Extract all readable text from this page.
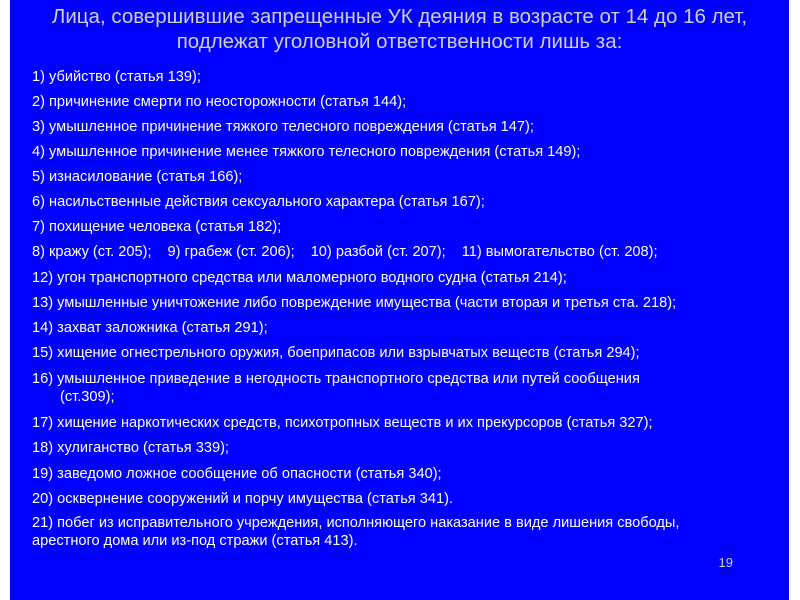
Лица, совершившие запрещенные УК деяния в возрасте от 14 до 16 лет,
подлежат уголовной ответственности лишь за:
1) убийство (статья 139);
2) причинение смерти по неосторожности (статья 144);
3) умышленное причинение тяжкого телесного повреждения (статья 147);
4) умышленное причинение менее тяжкого телесного повреждения (статья 149);
5) изнасилование (статья 166);
6) насильственные действия сексуального характера (статья 167);
7) похищение человека (статья 182);
8) кражу (ст. 205); 9) грабеж (ст. 206); 10) разбой (ст. 207); 11) вымогательство (ст. 208);
12) угон транспортного средства или маломерного водного судна (статья 214);
13) умышленные уничтожение либо повреждение имущества (части вторая и третья ста. 218);
14) захват заложника (статья 291);
15) хищение огнестрельного оружия, боеприпасов или взрывчатых веществ (статья 294);
16) умышленное приведение в негодность транспортного средства или путей сообщения
(ст.309);
17) хищение наркотических средств, психотропных веществ и их прекурсоров (статья 327);
18) хулиганство (статья 339);
19) заведомо ложное сообщение об опасности (статья 340);
20) осквернение сооружений и порчу имущества (статья 341).
21) побег из исправительного учреждения, исполняющего наказание в виде лишения свободы,
арестного дома или из-под стражи (статья 413).
19
